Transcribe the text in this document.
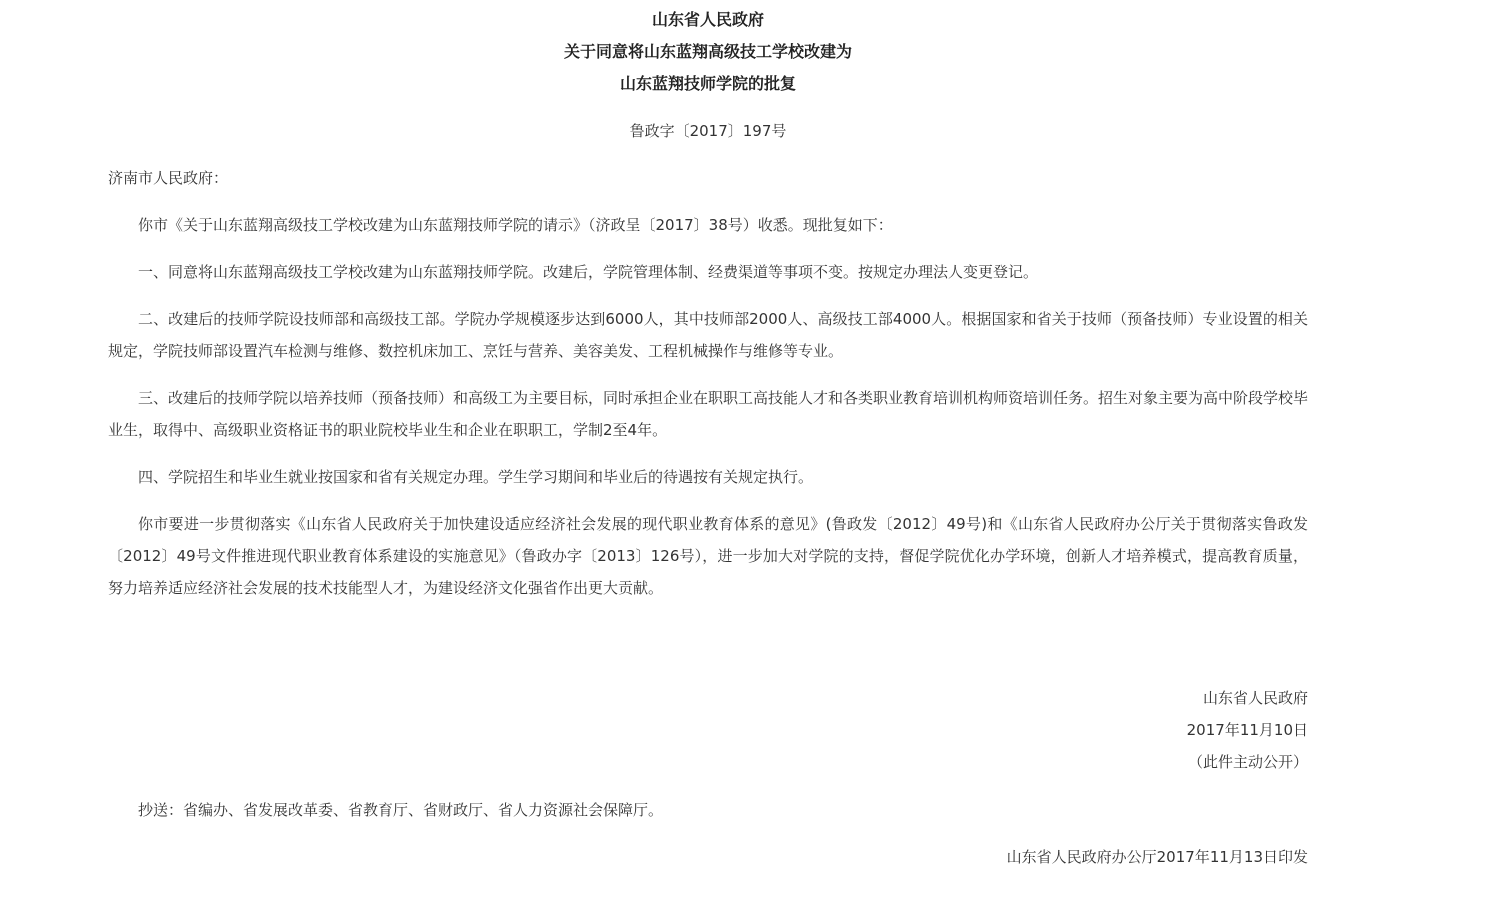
山东省人民政府
关于同意将山东蓝翔高级技工学校改建为
山东蓝翔技师学院的批复
鲁政字〔2017〕197号
济南市人民政府：

你市《关于山东蓝翔高级技工学校改建为山东蓝翔技师学院的请示》（济政呈〔2017〕38号）收悉。现批复如下：

一、同意将山东蓝翔高级技工学校改建为山东蓝翔技师学院。改建后，学院管理体制、经费渠道等事项不变。按规定办理法人变更登记。

二、改建后的技师学院设技师部和高级技工部。学院办学规模逐步达到6000人，其中技师部2000人、高级技工部4000人。根据国家和省关于技师（预备技师）专业设置的相关规定，学院技师部设置汽车检测与维修、数控机床加工、烹饪与营养、美容美发、工程机械操作与维修等专业。

三、改建后的技师学院以培养技师（预备技师）和高级工为主要目标，同时承担企业在职职工高技能人才和各类职业教育培训机构师资培训任务。招生对象主要为高中阶段学校毕业生，取得中、高级职业资格证书的职业院校毕业生和企业在职职工，学制2至4年。

四、学院招生和毕业生就业按国家和省有关规定办理。学生学习期间和毕业后的待遇按有关规定执行。

你市要进一步贯彻落实《山东省人民政府关于加快建设适应经济社会发展的现代职业教育体系的意见》(鲁政发〔2012〕49号)和《山东省人民政府办公厅关于贯彻落实鲁政发〔2012〕49号文件推进现代职业教育体系建设的实施意见》（鲁政办字〔2013〕126号），进一步加大对学院的支持，督促学院优化办学环境，创新人才培养模式，提高教育质量，努力培养适应经济社会发展的技术技能型人才，为建设经济文化强省作出更大贡献。

山东省人民政府
2017年11月10日
（此件主动公开）
抄送：省编办、省发展改革委、省教育厅、省财政厅、省人力资源社会保障厅。
山东省人民政府办公厅2017年11月13日印发
